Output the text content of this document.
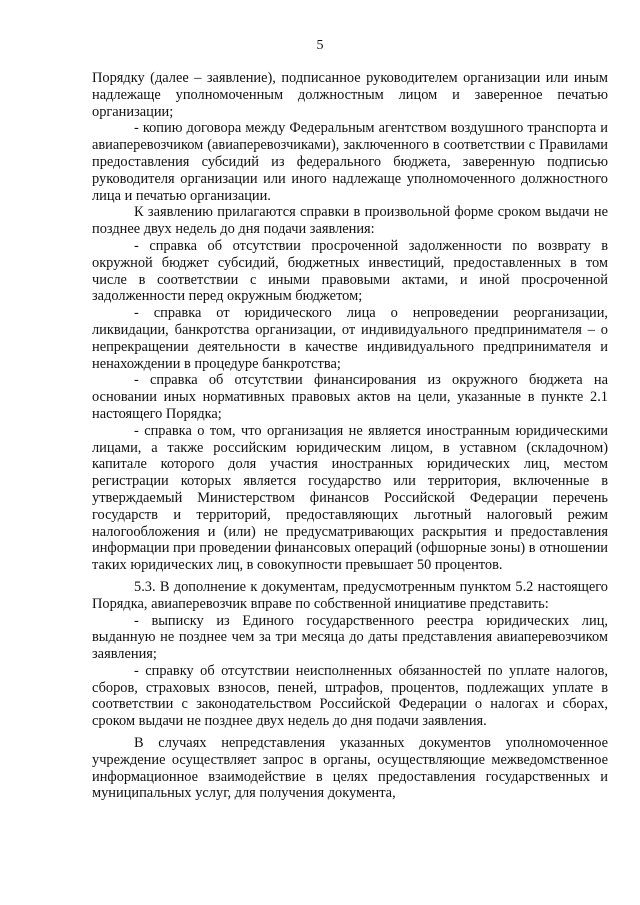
5

Порядку (далее – заявление), подписанное руководителем организации или иным надлежаще уполномоченным должностным лицом и заверенное печатью организации;

- копию договора между Федеральным агентством воздушного транспорта и авиаперевозчиком (авиаперевозчиками), заключенного в соответствии с Правилами предоставления субсидий из федерального бюджета, заверенную подписью руководителя организации или иного надлежаще уполномоченного должностного лица и печатью организации.

К заявлению прилагаются справки в произвольной форме сроком выдачи не позднее двух недель до дня подачи заявления:

- справка об отсутствии просроченной задолженности по возврату в окружной бюджет субсидий, бюджетных инвестиций, предоставленных в том числе в соответствии с иными правовыми актами, и иной просроченной задолженности перед окружным бюджетом;

- справка от юридического лица о непроведении реорганизации, ликвидации, банкротства организации, от индивидуального предпринимателя – о непрекращении деятельности в качестве индивидуального предпринимателя и ненахождении в процедуре банкротства;

- справка об отсутствии финансирования из окружного бюджета на основании иных нормативных правовых актов на цели, указанные в пункте 2.1 настоящего Порядка;

- справка о том, что организация не является иностранным юридическими лицами, а также российским юридическим лицом, в уставном (складочном) капитале которого доля участия иностранных юридических лиц, местом регистрации которых является государство или территория, включенные в утверждаемый Министерством финансов Российской Федерации перечень государств и территорий, предоставляющих льготный налоговый режим налогообложения и (или) не предусматривающих раскрытия и предоставления информации при проведении финансовых операций (офшорные зоны) в отношении таких юридических лиц, в совокупности превышает 50 процентов.

5.3. В дополнение к документам, предусмотренным пунктом 5.2 настоящего Порядка, авиаперевозчик вправе по собственной инициативе представить:

- выписку из Единого государственного реестра юридических лиц, выданную не позднее чем за три месяца до даты представления авиаперевозчиком заявления;

- справку об отсутствии неисполненных обязанностей по уплате налогов, сборов, страховых взносов, пеней, штрафов, процентов, подлежащих уплате в соответствии с законодательством Российской Федерации о налогах и сборах, сроком выдачи не позднее двух недель до дня подачи заявления.

В случаях непредставления указанных документов уполномоченное учреждение осуществляет запрос в органы, осуществляющие межведомственное информационное взаимодействие в целях предоставления государственных и муниципальных услуг, для получения документа,
